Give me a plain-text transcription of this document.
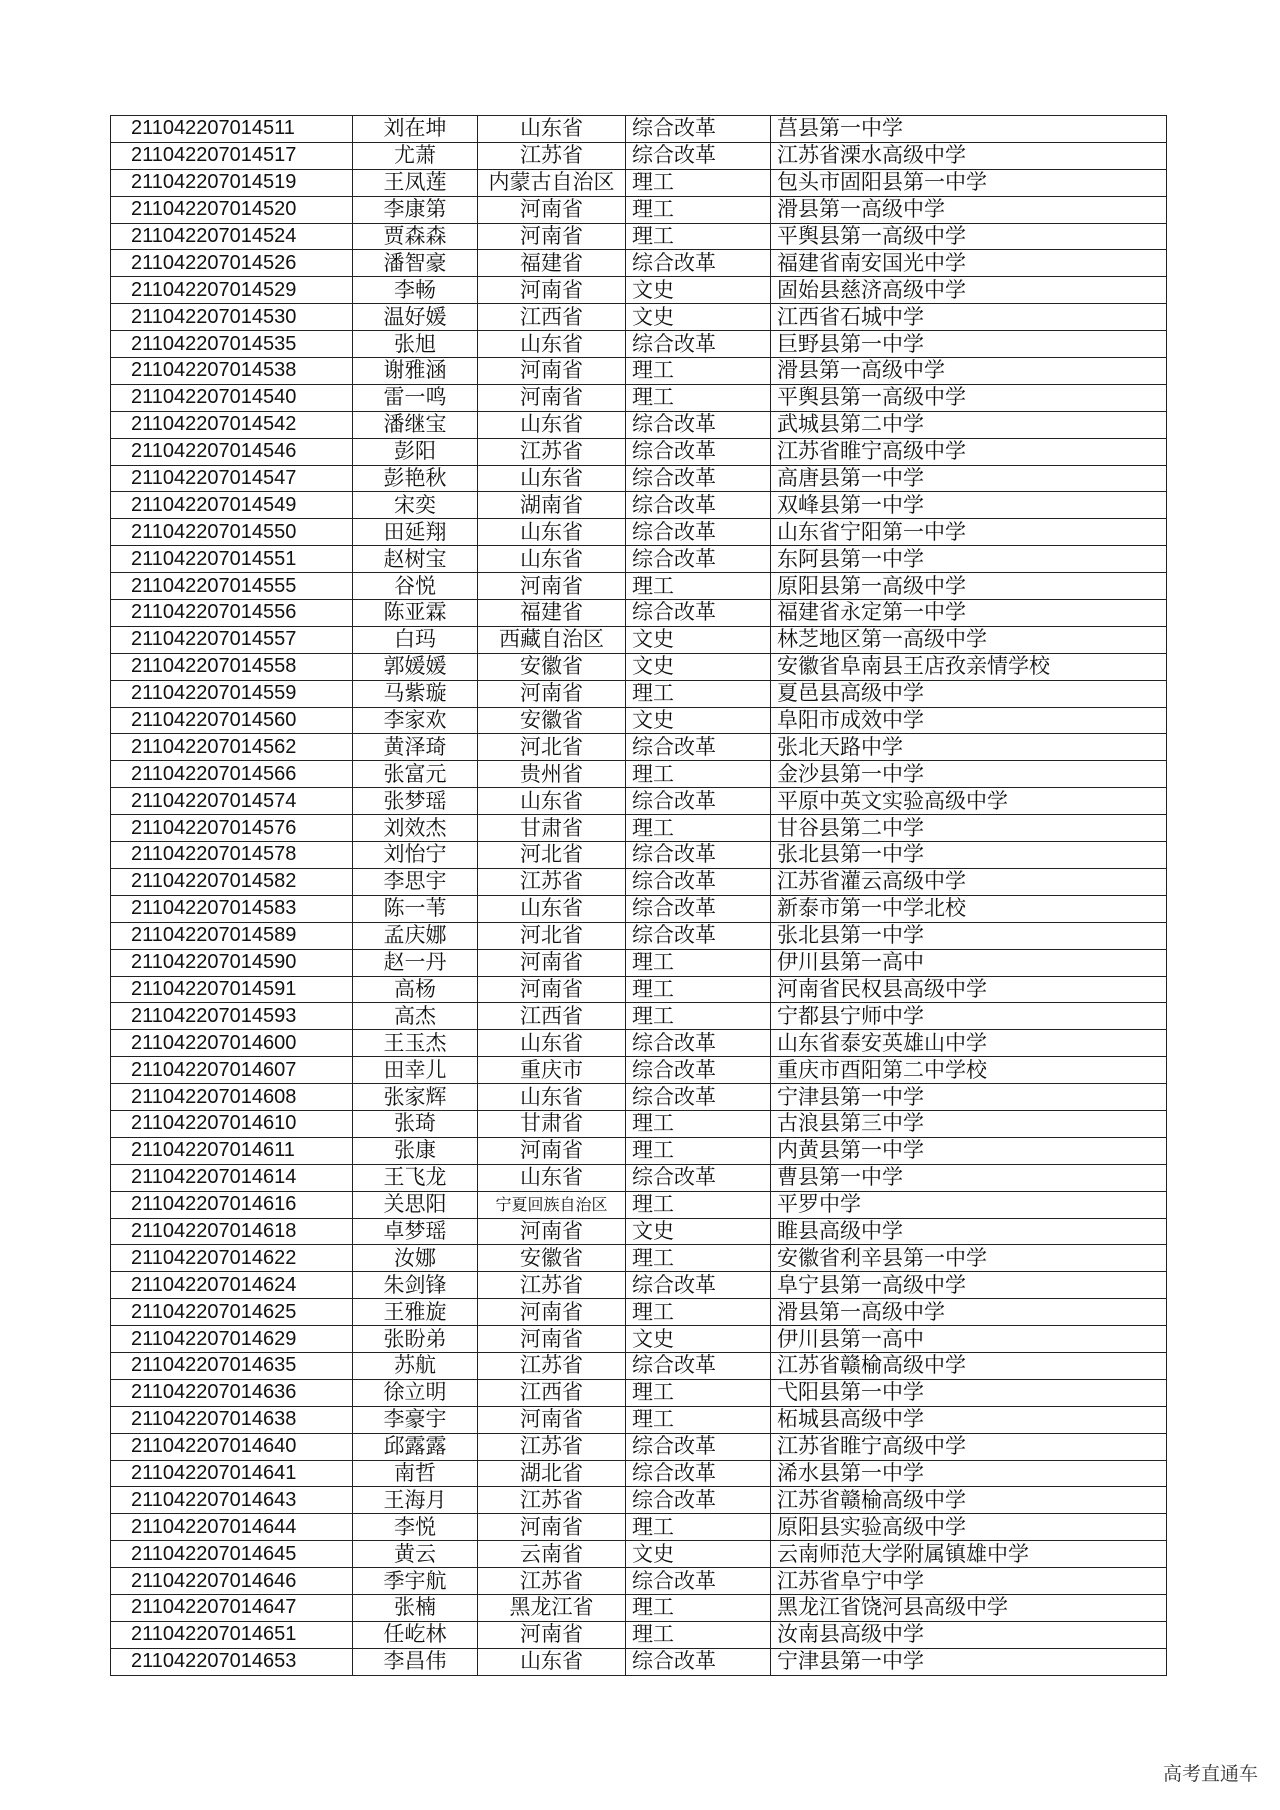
211042207014511	刘在坤	山东省	综合改革	莒县第一中学
211042207014517	尤萧	江苏省	综合改革	江苏省溧水高级中学
211042207014519	王凤莲	内蒙古自治区	理工	包头市固阳县第一中学
211042207014520	李康第	河南省	理工	滑县第一高级中学
211042207014524	贾森森	河南省	理工	平舆县第一高级中学
211042207014526	潘智豪	福建省	综合改革	福建省南安国光中学
211042207014529	李畅	河南省	文史	固始县慈济高级中学
211042207014530	温好媛	江西省	文史	江西省石城中学
211042207014535	张旭	山东省	综合改革	巨野县第一中学
211042207014538	谢雅涵	河南省	理工	滑县第一高级中学
211042207014540	雷一鸣	河南省	理工	平舆县第一高级中学
211042207014542	潘继宝	山东省	综合改革	武城县第二中学
211042207014546	彭阳	江苏省	综合改革	江苏省睢宁高级中学
211042207014547	彭艳秋	山东省	综合改革	高唐县第一中学
211042207014549	宋奕	湖南省	综合改革	双峰县第一中学
211042207014550	田延翔	山东省	综合改革	山东省宁阳第一中学
211042207014551	赵树宝	山东省	综合改革	东阿县第一中学
211042207014555	谷悦	河南省	理工	原阳县第一高级中学
211042207014556	陈亚霖	福建省	综合改革	福建省永定第一中学
211042207014557	白玛	西藏自治区	文史	林芝地区第一高级中学
211042207014558	郭媛媛	安徽省	文史	安徽省阜南县王店孜亲情学校
211042207014559	马紫璇	河南省	理工	夏邑县高级中学
211042207014560	李家欢	安徽省	文史	阜阳市成效中学
211042207014562	黄泽琦	河北省	综合改革	张北天路中学
211042207014566	张富元	贵州省	理工	金沙县第一中学
211042207014574	张梦瑶	山东省	综合改革	平原中英文实验高级中学
211042207014576	刘效杰	甘肃省	理工	甘谷县第二中学
211042207014578	刘怡宁	河北省	综合改革	张北县第一中学
211042207014582	李思宇	江苏省	综合改革	江苏省灌云高级中学
211042207014583	陈一苇	山东省	综合改革	新泰市第一中学北校
211042207014589	孟庆娜	河北省	综合改革	张北县第一中学
211042207014590	赵一丹	河南省	理工	伊川县第一高中
211042207014591	高杨	河南省	理工	河南省民权县高级中学
211042207014593	高杰	江西省	理工	宁都县宁师中学
211042207014600	王玉杰	山东省	综合改革	山东省泰安英雄山中学
211042207014607	田幸儿	重庆市	综合改革	重庆市酉阳第二中学校
211042207014608	张家辉	山东省	综合改革	宁津县第一中学
211042207014610	张琦	甘肃省	理工	古浪县第三中学
211042207014611	张康	河南省	理工	内黄县第一中学
211042207014614	王飞龙	山东省	综合改革	曹县第一中学
211042207014616	关思阳	宁夏回族自治区	理工	平罗中学
211042207014618	卓梦瑶	河南省	文史	睢县高级中学
211042207014622	汝娜	安徽省	理工	安徽省利辛县第一中学
211042207014624	朱剑锋	江苏省	综合改革	阜宁县第一高级中学
211042207014625	王雅旋	河南省	理工	滑县第一高级中学
211042207014629	张盼弟	河南省	文史	伊川县第一高中
211042207014635	苏航	江苏省	综合改革	江苏省赣榆高级中学
211042207014636	徐立明	江西省	理工	弋阳县第一中学
211042207014638	李豪宇	河南省	理工	柘城县高级中学
211042207014640	邱露露	江苏省	综合改革	江苏省睢宁高级中学
211042207014641	南哲	湖北省	综合改革	浠水县第一中学
211042207014643	王海月	江苏省	综合改革	江苏省赣榆高级中学
211042207014644	李悦	河南省	理工	原阳县实验高级中学
211042207014645	黄云	云南省	文史	云南师范大学附属镇雄中学
211042207014646	季宇航	江苏省	综合改革	江苏省阜宁中学
211042207014647	张楠	黑龙江省	理工	黑龙江省饶河县高级中学
211042207014651	任屹林	河南省	理工	汝南县高级中学
211042207014653	李昌伟	山东省	综合改革	宁津县第一中学
高考直通车
